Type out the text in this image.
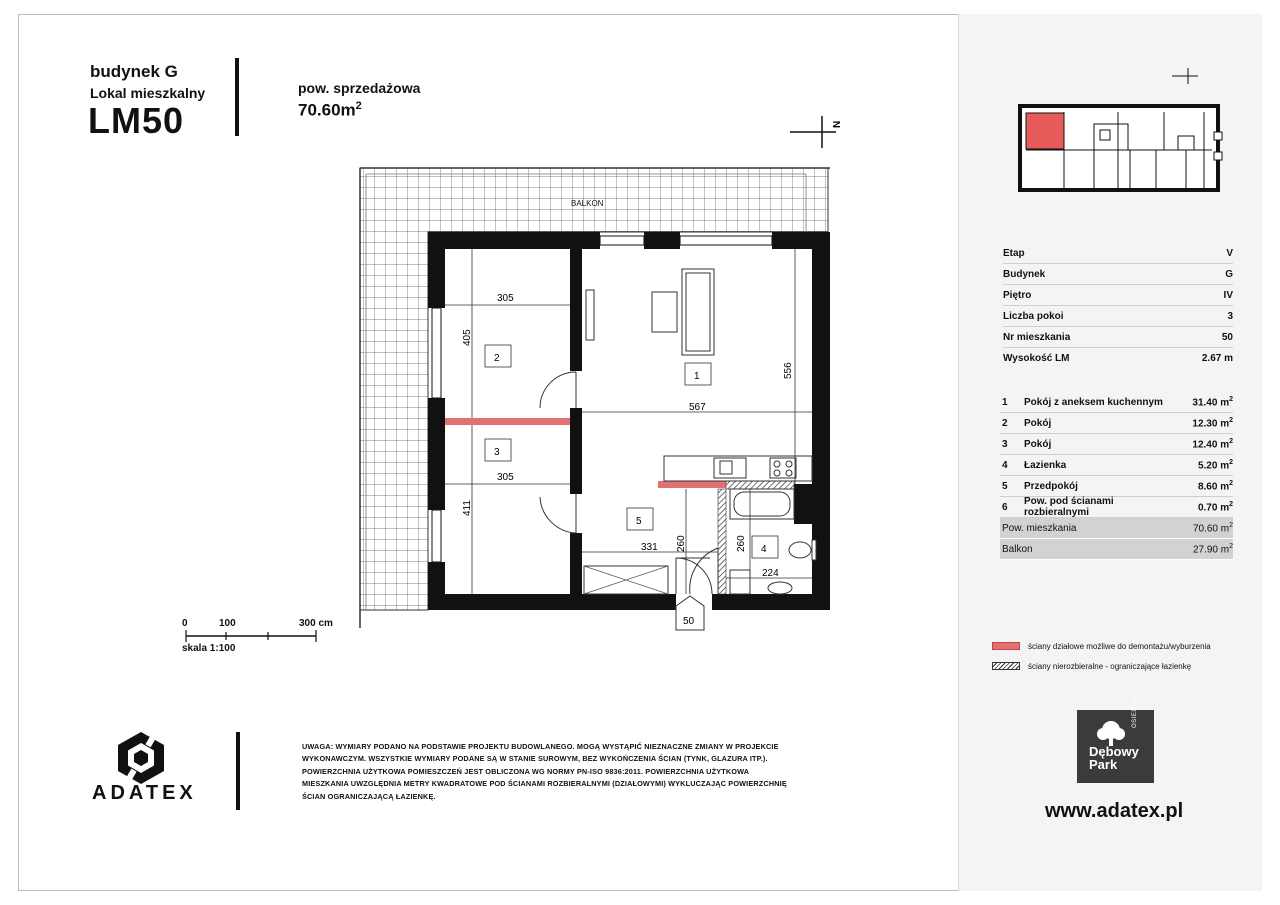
budynek G
Lokal mieszkalny
LM50
pow. sprzedażowa
$70.60m^2$
BALKON
305
405
556
567
305
411
331 260	260
224
1
2
3
4
5
50
N
0	100	300 cm
skala 1:100
Etap	V
Budynek	G
Piętro	IV
Liczba pokoi	3
Nr mieszkania	50
Wysokość LM	2.67 m
1	Pokój z aneksem kuchennym	31.40 $m^2$
2	Pokój	12.30 $m^2$
3	Pokój	12.40 $m^2$
4	Łazienka	5.20 $m^2$
5	Przedpokój	8.60 $m^2$
6	Pow. pod ścianami rozbieralnymi	0.70 $m^2$
Pow. mieszkania	70.60 $m^2$
Balkon	27.90 $m^2$
ściany działowe możliwe do demontażu/wyburzenia
ściany nierozbieralne - ograniczające łazienkę
ADATEX
UWAGA: WYMIARY PODANO NA PODSTAWIE PROJEKTU BUDOWLANEGO. MOGĄ WYSTĄPIĆ NIEZNACZNE ZMIANY W PROJEKCIE WYKONAWCZYM. WSZYSTKIE WYMIARY PODANE SĄ W STANIE SUROWYM, BEZ WYKOŃCZENIA ŚCIAN (TYNK, GLAZURA ITP.). POWIERZCHNIA UŻYTKOWA POMIESZCZEŃ JEST OBLICZONA WG NORMY PN-ISO 9836:2011. POWIERZCHNIA UŻYTKOWA MIESZKANIA UWZGLĘDNIA METRY KWADRATOWE POD ŚCIANAMI ROZBIERALNYMI (DZIAŁOWYMI) WYKLUCZAJĄC POWIERZCHNIĘ ŚCIAN OGRANICZAJĄCĄ ŁAZIENKĘ.
OSIEDLE
Dębowy
Park
www.adatex.pl
